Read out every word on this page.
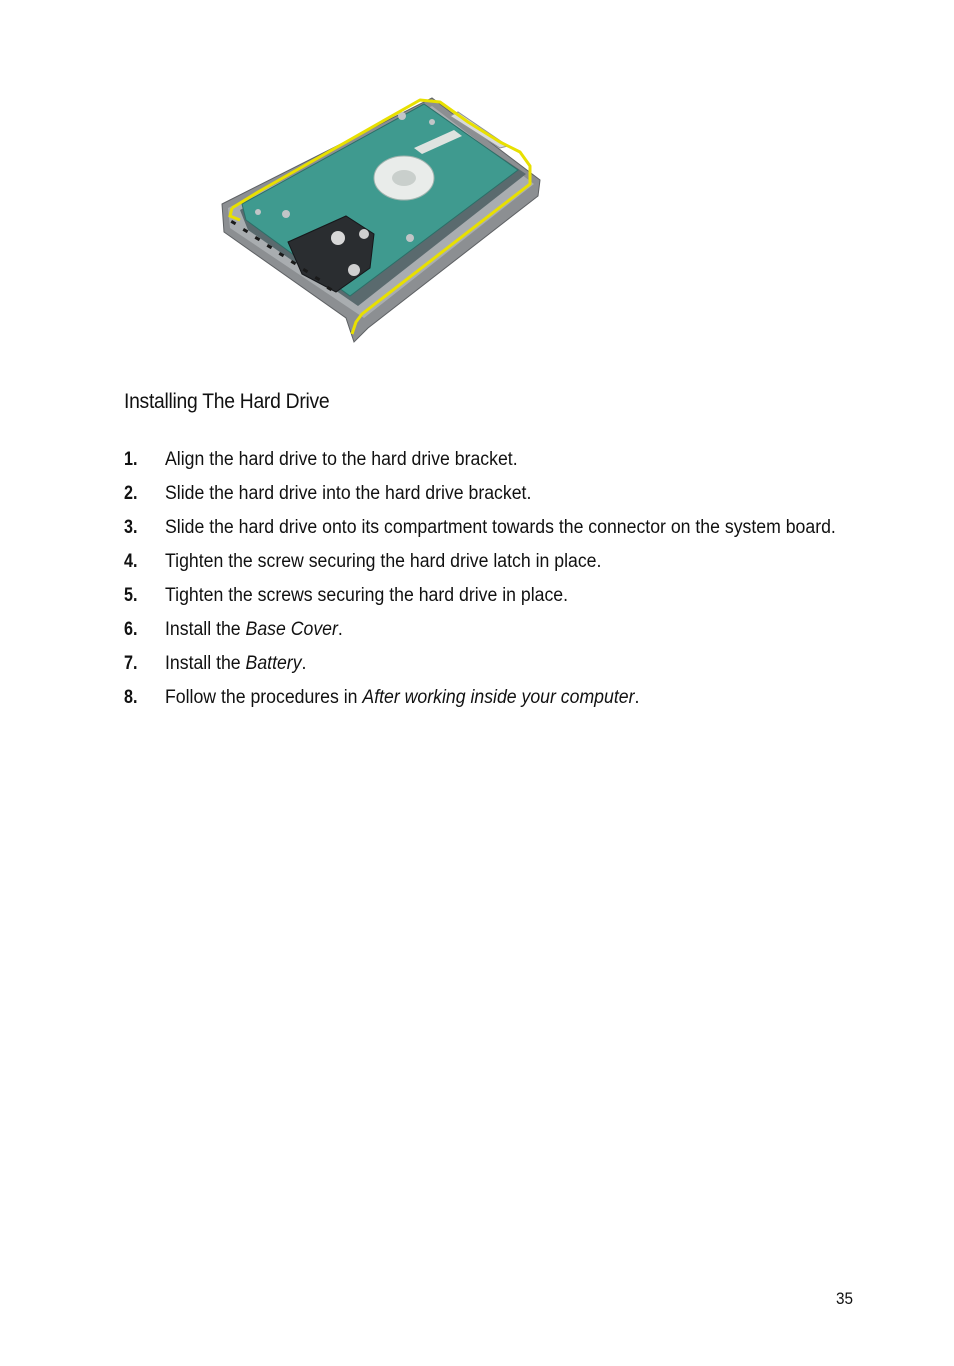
Installing The Hard Drive
1. Align the hard drive to the hard drive bracket.
2. Slide the hard drive into the hard drive bracket.
3. Slide the hard drive onto its compartment towards the connector on the system board.
4. Tighten the screw securing the hard drive latch in place.
5. Tighten the screws securing the hard drive in place.
6. Install the Base Cover.
7. Install the Battery.
8. Follow the procedures in After working inside your computer.
35
